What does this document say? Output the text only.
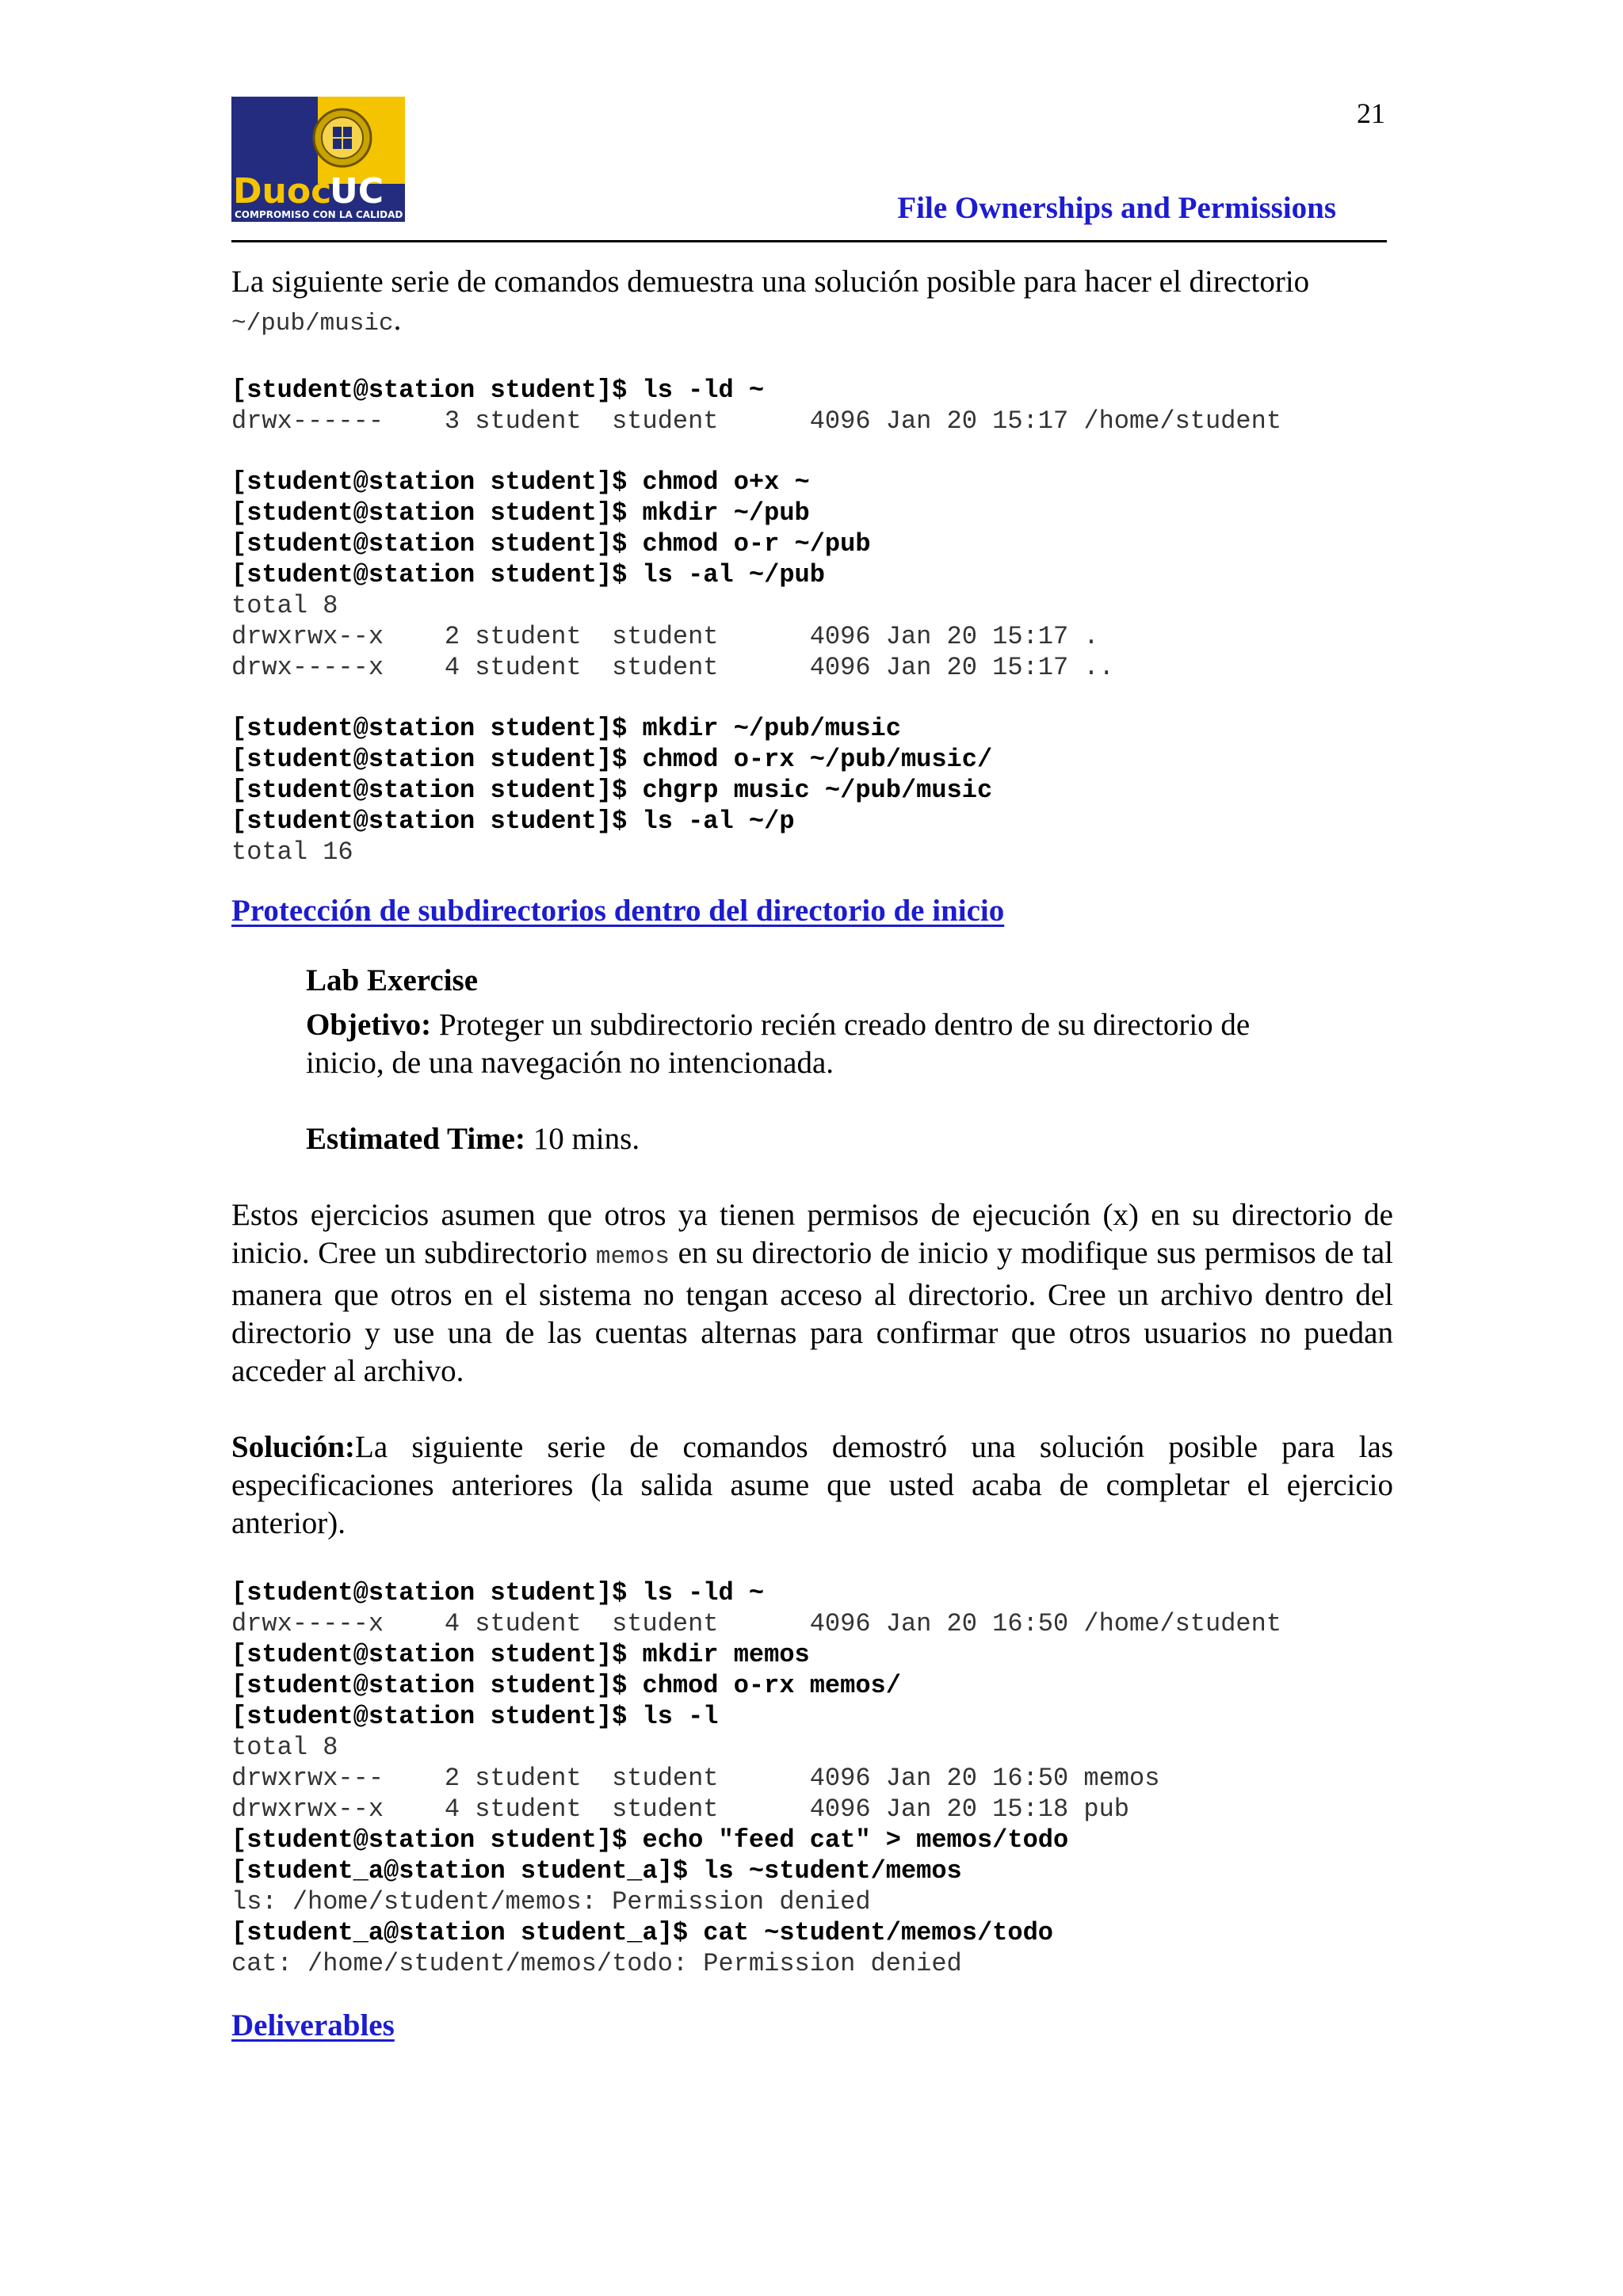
21
Duoc
UC
COMPROMISO CON LA CALIDAD	File Ownerships and Permissions

La siguiente serie de comandos demuestra una solución posible para hacer el directorio
~/pub/music.

[student@station student]$ ls -ld ~
drwx------    3 student  student      4096 Jan 20 15:17 /home/student
[student@station student]$ chmod o+x ~
[student@station student]$ mkdir ~/pub
[student@station student]$ chmod o-r ~/pub
[student@station student]$ ls -al ~/pub
total 8
drwxrwx--x    2 student  student      4096 Jan 20 15:17 .
drwx-----x    4 student  student      4096 Jan 20 15:17 ..
[student@station student]$ mkdir ~/pub/music
[student@station student]$ chmod o-rx ~/pub/music/
[student@station student]$ chgrp music ~/pub/music
[student@station student]$ ls -al ~/p
total 16
Protección de subdirectorios dentro del directorio de inicio
Lab Exercise
Objetivo: Proteger un subdirectorio recién creado dentro de su directorio de
inicio, de una navegación no intencionada.
Estimated Time: 10 mins.

Estos ejercicios asumen que otros ya tienen permisos de ejecución (x) en su directorio de inicio. Cree un subdirectorio memos en su directorio de inicio y modifique sus permisos de tal manera que otros en el sistema no tengan acceso al directorio. Cree un archivo dentro del directorio y use una de las cuentas alternas para confirmar que otros usuarios no puedan acceder al archivo.

Solución:La siguiente serie de comandos demostró una solución posible para las especificaciones anteriores (la salida asume que usted acaba de completar el ejercicio anterior).

[student@station student]$ ls -ld ~
drwx-----x    4 student  student      4096 Jan 20 16:50 /home/student
[student@station student]$ mkdir memos
[student@station student]$ chmod o-rx memos/
[student@station student]$ ls -l
total 8
drwxrwx---    2 student  student      4096 Jan 20 16:50 memos
drwxrwx--x    4 student  student      4096 Jan 20 15:18 pub
[student@station student]$ echo "feed cat" > memos/todo
[student_a@station student_a]$ ls ~student/memos
ls: /home/student/memos: Permission denied
[student_a@station student_a]$ cat ~student/memos/todo
cat: /home/student/memos/todo: Permission denied
Deliverables
